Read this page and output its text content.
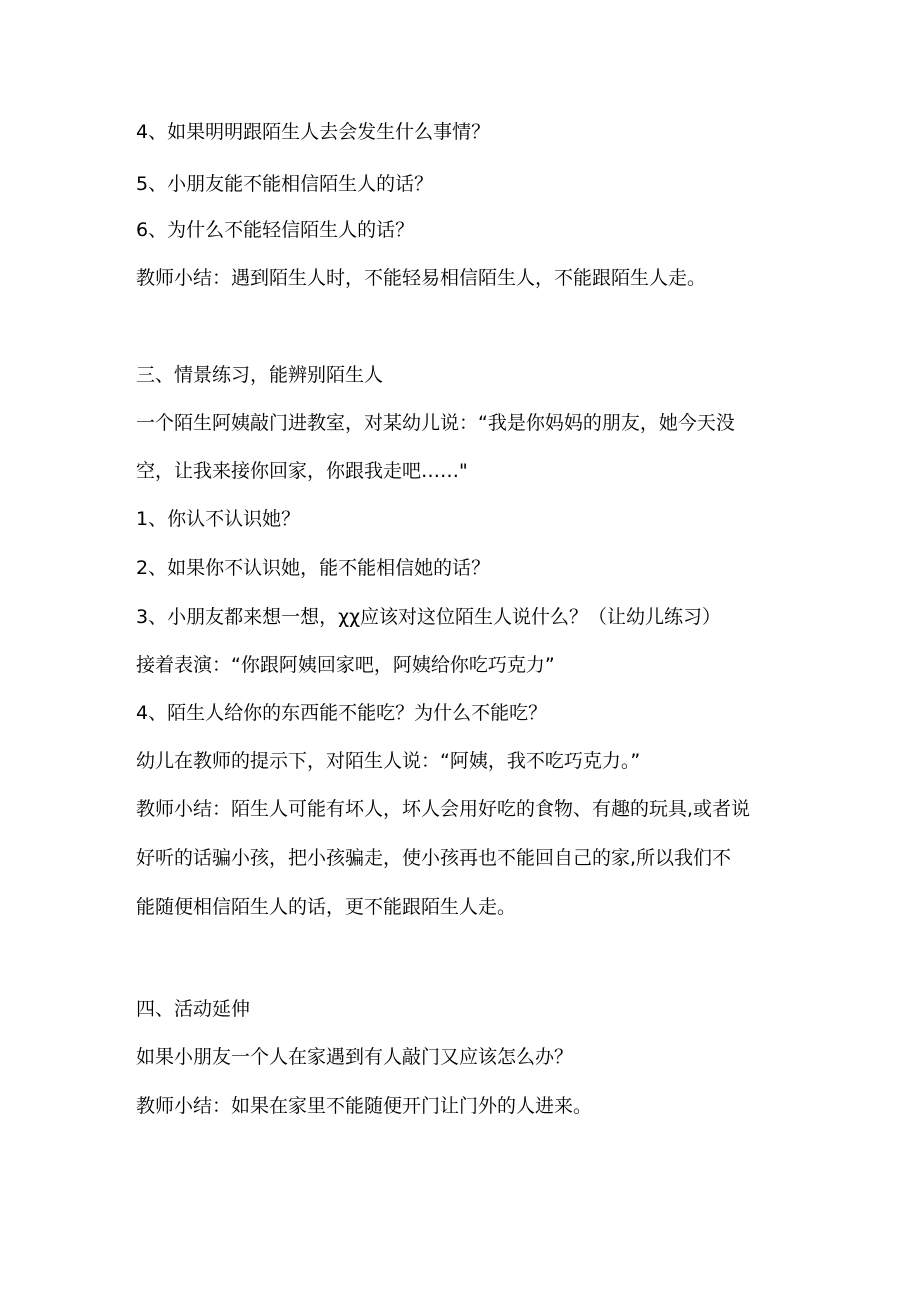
4、如果明明跟陌生人去会发生什么事情？
5、小朋友能不能相信陌生人的话？
6、为什么不能轻信陌生人的话？
教师小结：遇到陌生人时，不能轻易相信陌生人，不能跟陌生人走。
三、情景练习，能辨别陌生人
一个陌生阿姨敲门进教室，对某幼儿说：“我是你妈妈的朋友，她今天没
空，让我来接你回家，你跟我走吧……"
1、你认不认识她？
2、如果你不认识她，能不能相信她的话？
3、小朋友都来想一想，χχ应该对这位陌生人说什么？（让幼儿练习）
接着表演：“你跟阿姨回家吧，阿姨给你吃巧克力”
4、陌生人给你的东西能不能吃？为什么不能吃？
幼儿在教师的提示下，对陌生人说：“阿姨，我不吃巧克力。”
教师小结：陌生人可能有坏人，坏人会用好吃的食物、有趣的玩具,或者说
好听的话骗小孩，把小孩骗走，使小孩再也不能回自己的家,所以我们不
能随便相信陌生人的话，更不能跟陌生人走。
四、活动延伸
如果小朋友一个人在家遇到有人敲门又应该怎么办？
教师小结：如果在家里不能随便开门让门外的人进来。
